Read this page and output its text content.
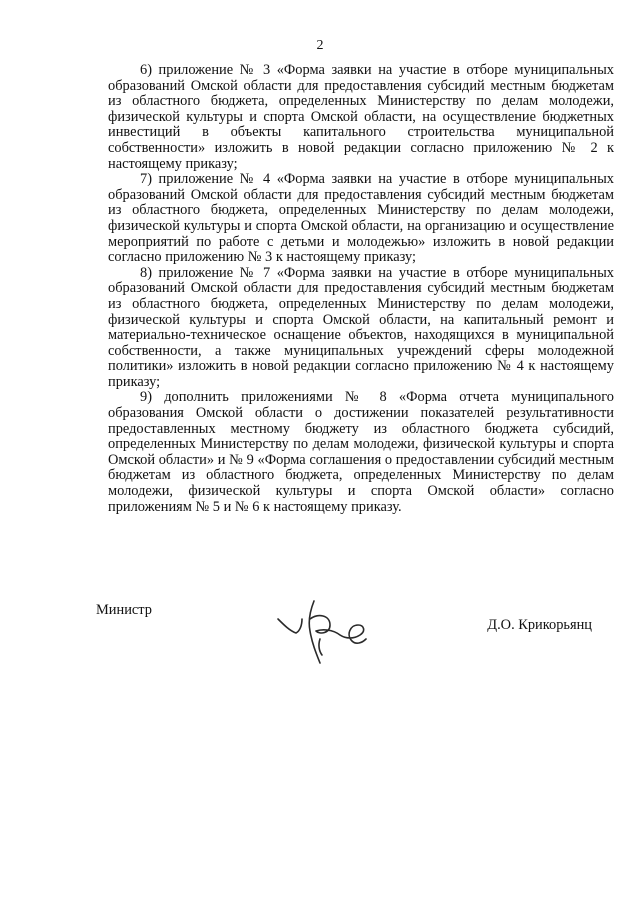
2

6) приложение № 3 «Форма заявки на участие в отборе муниципальных образований Омской области для предоставления субсидий местным бюджетам из областного бюджета, определенных Министерству по делам молодежи, физической культуры и спорта Омской области, на осуществление бюджетных инвестиций в объекты капитального строительства муниципальной собственности» изложить в новой редакции согласно приложению № 2 к настоящему приказу;

7) приложение № 4 «Форма заявки на участие в отборе муниципальных образований Омской области для предоставления субсидий местным бюджетам из областного бюджета, определенных Министерству по делам молодежи, физической культуры и спорта Омской области, на организацию и осуществление мероприятий по работе с детьми и молодежью» изложить в новой редакции согласно приложению № 3 к настоящему приказу;

8) приложение № 7 «Форма заявки на участие в отборе муниципальных образований Омской области для предоставления субсидий местным бюджетам из областного бюджета, определенных Министерству по делам молодежи, физической культуры и спорта Омской области, на капитальный ремонт и материально-техническое оснащение объектов, находящихся в муниципальной собственности, а также муниципальных учреждений сферы молодежной политики» изложить в новой редакции согласно приложению № 4 к настоящему приказу;

9) дополнить приложениями № 8 «Форма отчета муниципального образования Омской области о достижении показателей результативности предоставленных местному бюджету из областного бюджета субсидий, определенных Министерству по делам молодежи, физической культуры и спорта Омской области» и № 9 «Форма соглашения о предоставлении субсидий местным бюджетам из областного бюджета, определенных Министерству по делам молодежи, физической культуры и спорта Омской области» согласно приложениям № 5 и № 6 к настоящему приказу.

Министр
Д.О. Крикорьянц
